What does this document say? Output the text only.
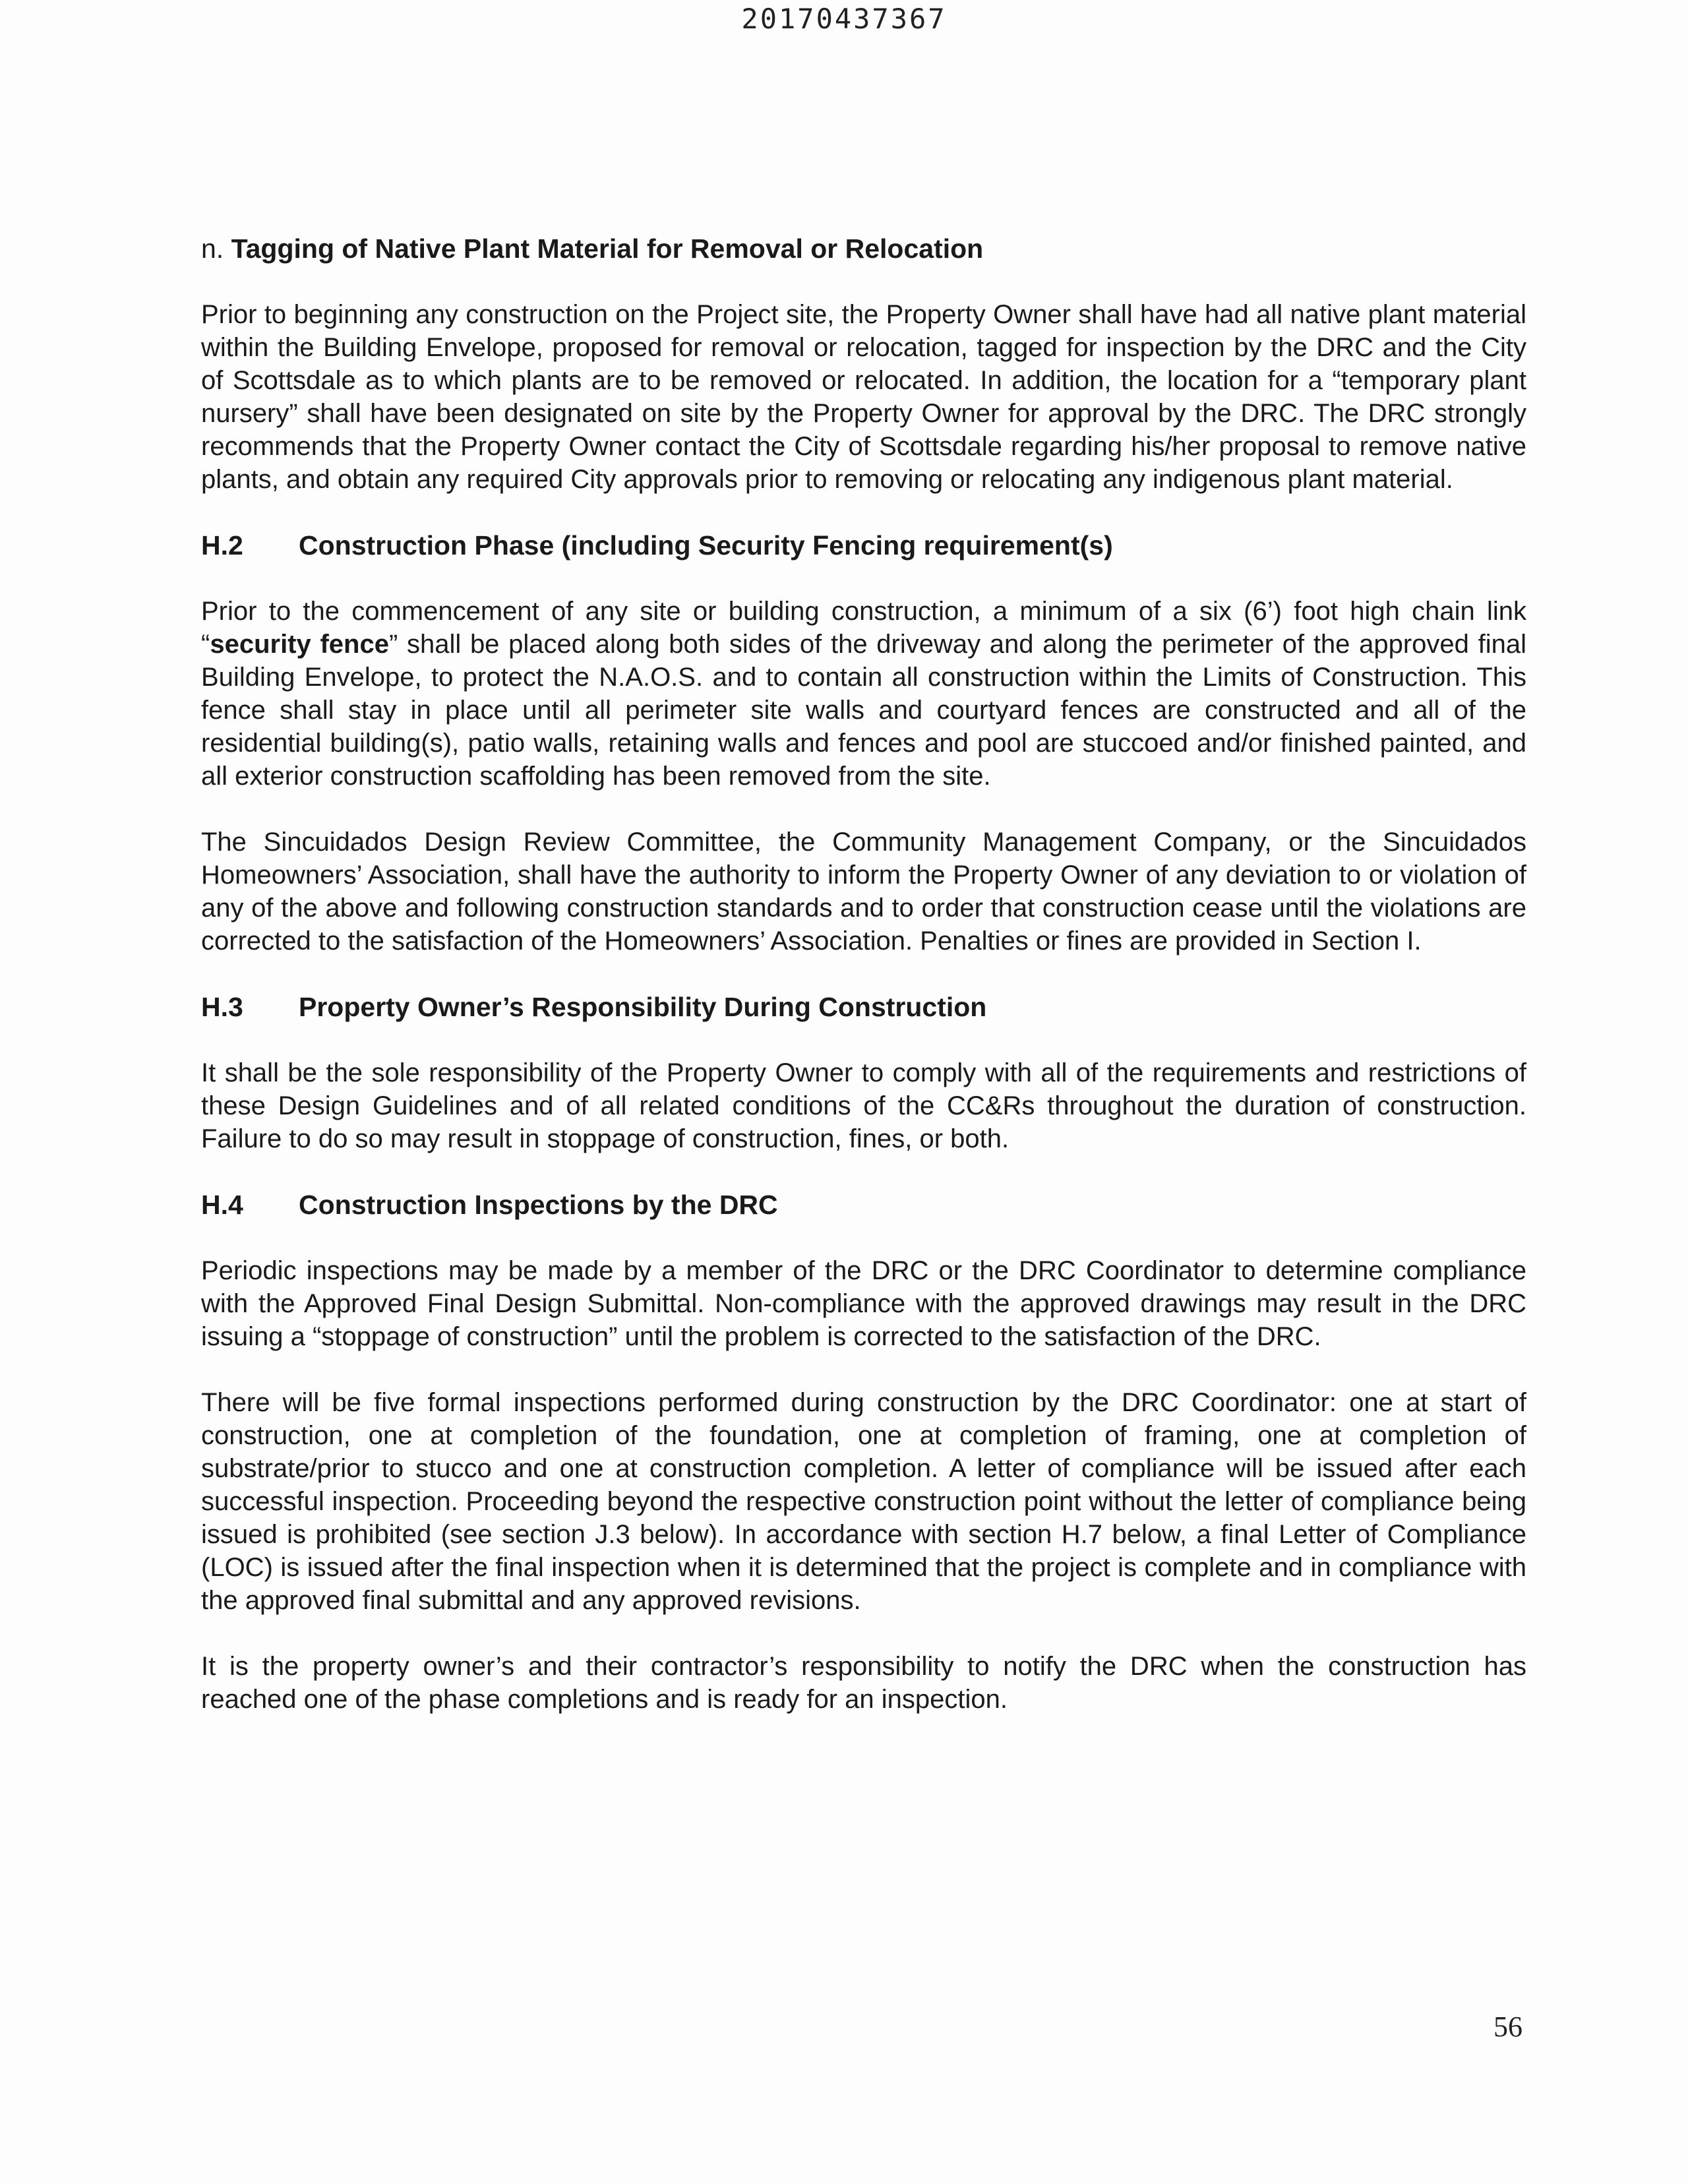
20170437367

n. Tagging of Native Plant Material for Removal or Relocation

Prior to beginning any construction on the Project site, the Property Owner shall have had all native plant material within the Building Envelope, proposed for removal or relocation, tagged for inspection by the DRC and the City of Scottsdale as to which plants are to be removed or relocated. In addition, the location for a “temporary plant nursery” shall have been designated on site by the Property Owner for approval by the DRC. The DRC strongly recommends that the Property Owner contact the City of Scottsdale regarding his/her proposal to remove native plants, and obtain any required City approvals prior to removing or relocating any indigenous plant material.

H.2 Construction Phase (including Security Fencing requirement(s)

Prior to the commencement of any site or building construction, a minimum of a six (6’) foot high chain link “security fence” shall be placed along both sides of the driveway and along the perimeter of the approved final Building Envelope, to protect the N.A.O.S. and to contain all construction within the Limits of Construction. This fence shall stay in place until all perimeter site walls and courtyard fences are constructed and all of the residential building(s), patio walls, retaining walls and fences and pool are stuccoed and/or finished painted, and all exterior construction scaffolding has been removed from the site.

The Sincuidados Design Review Committee, the Community Management Company, or the Sincuidados Homeowners’ Association, shall have the authority to inform the Property Owner of any deviation to or violation of any of the above and following construction standards and to order that construction cease until the violations are corrected to the satisfaction of the Homeowners’ Association. Penalties or fines are provided in Section I.

H.3 Property Owner’s Responsibility During Construction

It shall be the sole responsibility of the Property Owner to comply with all of the requirements and restrictions of these Design Guidelines and of all related conditions of the CC&Rs throughout the duration of construction. Failure to do so may result in stoppage of construction, fines, or both.

H.4 Construction Inspections by the DRC

Periodic inspections may be made by a member of the DRC or the DRC Coordinator to determine compliance with the Approved Final Design Submittal. Non-compliance with the approved drawings may result in the DRC issuing a “stoppage of construction” until the problem is corrected to the satisfaction of the DRC.

There will be five formal inspections performed during construction by the DRC Coordinator: one at start of construction, one at completion of the foundation, one at completion of framing, one at completion of substrate/prior to stucco and one at construction completion. A letter of compliance will be issued after each successful inspection. Proceeding beyond the respective construction point without the letter of compliance being issued is prohibited (see section J.3 below). In accordance with section H.7 below, a final Letter of Compliance (LOC) is issued after the final inspection when it is determined that the project is complete and in compliance with the approved final submittal and any approved revisions.

It is the property owner’s and their contractor’s responsibility to notify the DRC when the construction has reached one of the phase completions and is ready for an inspection.

56
